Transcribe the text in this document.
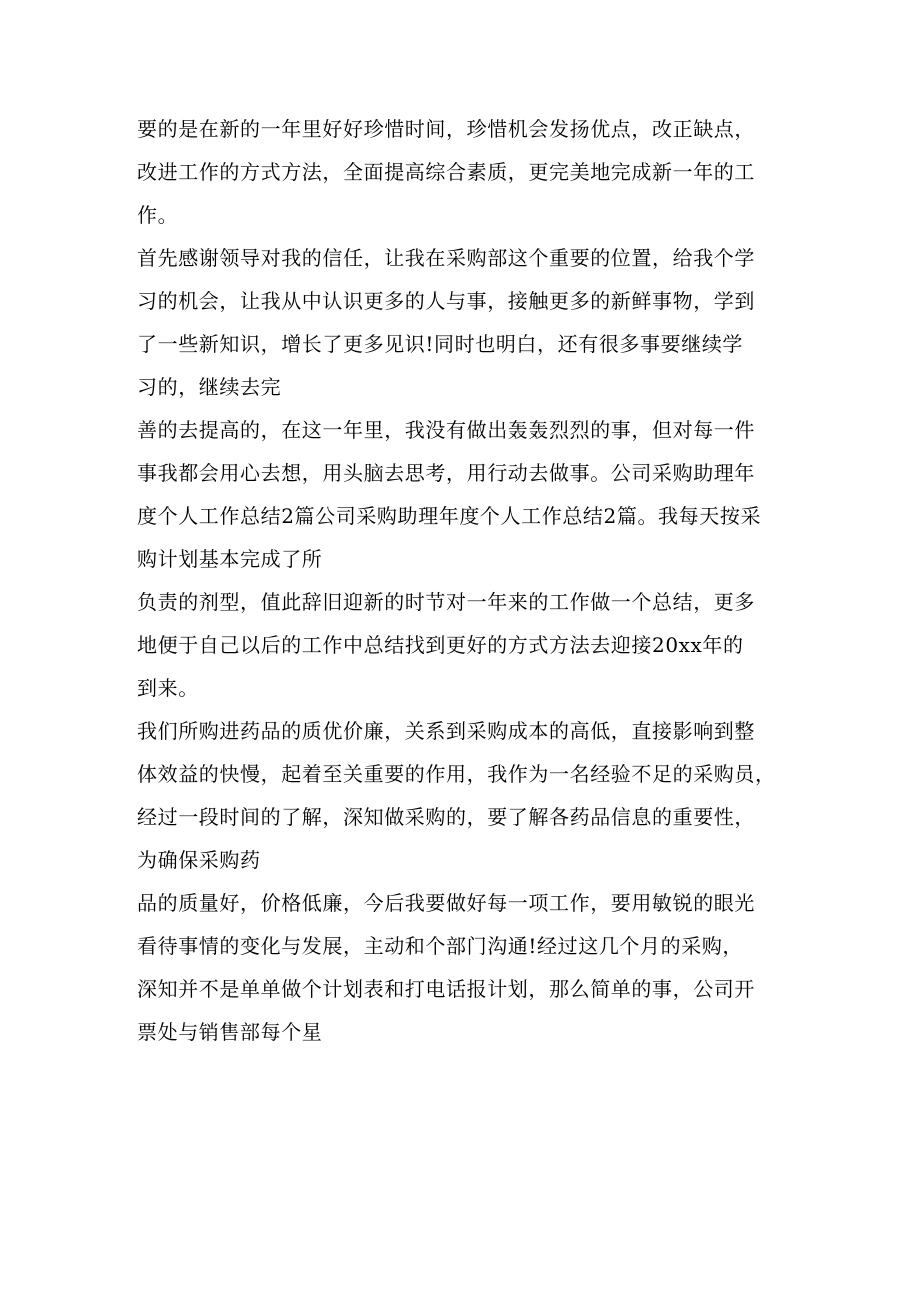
要的是在新的一年里好好珍惜时间，珍惜机会发扬优点，改正缺点，
改进工作的方式方法，全面提高综合素质，更完美地完成新一年的工
作。
首先感谢领导对我的信任，让我在采购部这个重要的位置，给我个学
习的机会，让我从中认识更多的人与事，接触更多的新鲜事物，学到
了一些新知识，增长了更多见识!同时也明白，还有很多事要继续学
习的，继续去完
善的去提高的，在这一年里，我没有做出轰轰烈烈的事，但对每一件
事我都会用心去想，用头脑去思考，用行动去做事。公司采购助理年
度个人工作总结2篇公司采购助理年度个人工作总结2篇。我每天按采
购计划基本完成了所
负责的剂型，值此辞旧迎新的时节对一年来的工作做一个总结，更多
地便于自己以后的工作中总结找到更好的方式方法去迎接20xx年的
到来。
我们所购进药品的质优价廉，关系到采购成本的高低，直接影响到整
体效益的快慢，起着至关重要的作用，我作为一名经验不足的采购员，
经过一段时间的了解，深知做采购的，要了解各药品信息的重要性，
为确保采购药
品的质量好，价格低廉，今后我要做好每一项工作，要用敏锐的眼光
看待事情的变化与发展，主动和个部门沟通!经过这几个月的采购，
深知并不是单单做个计划表和打电话报计划，那么简单的事，公司开
票处与销售部每个星
